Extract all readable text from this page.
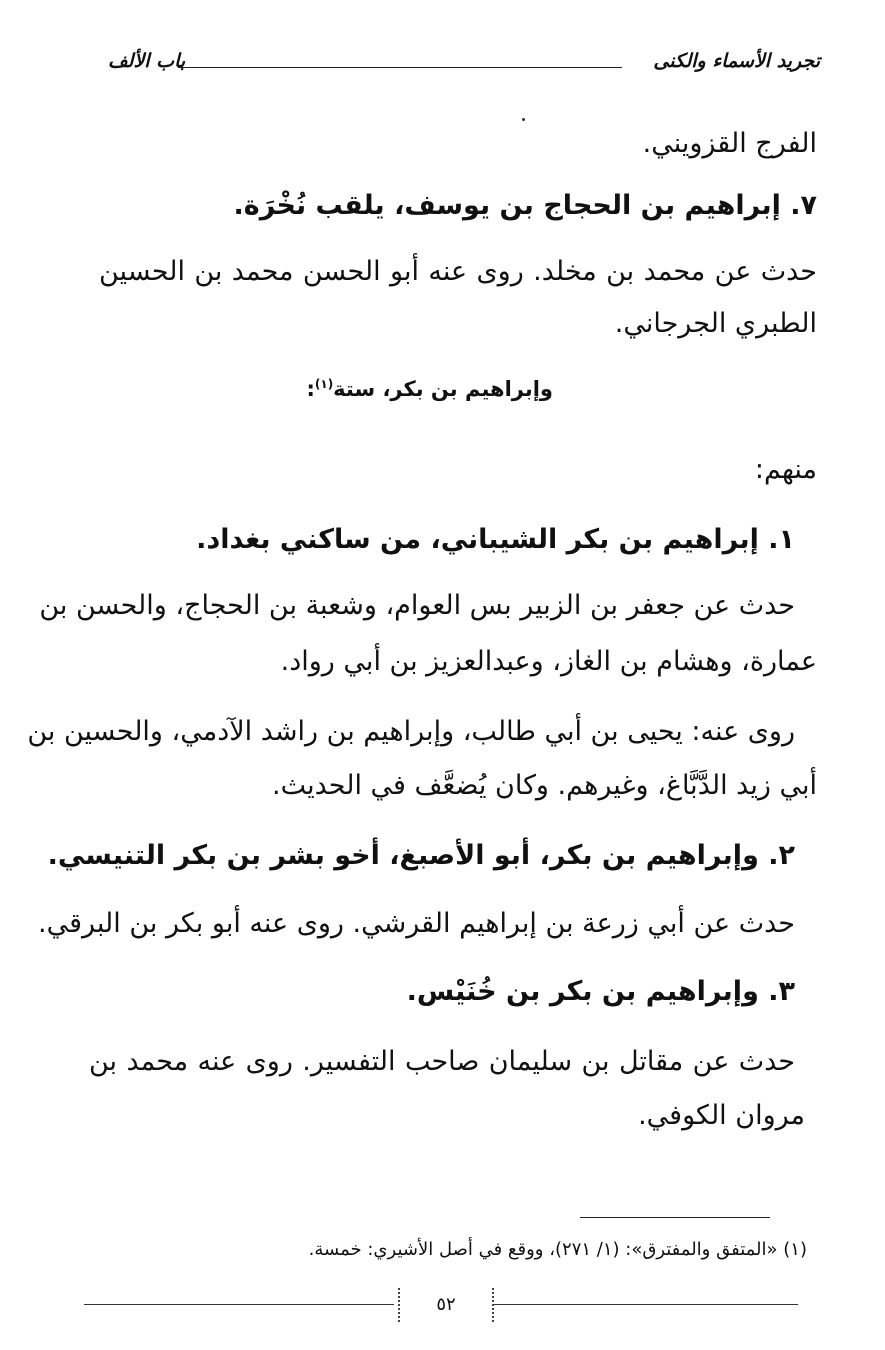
تجريد الأسماء والكنى
باب الألف
الفرج القزويني.
٧. إبراهيم بن الحجاج بن يوسف، يلقب نُخْرَة.
حدث عن محمد بن مخلد. روى عنه أبو الحسن محمد بن الحسين
الطبري الجرجاني.
وإبراهيم بن بكر، ستة$^{(١)}$:
منهم:
١. إبراهيم بن بكر الشيباني، من ساكني بغداد.
حدث عن جعفر بن الزبير بس العوام، وشعبة بن الحجاج، والحسن بن
عمارة، وهشام بن الغاز، وعبدالعزيز بن أبي رواد.
روى عنه: يحيى بن أبي طالب، وإبراهيم بن راشد الآدمي، والحسين بن
أبي زيد الدَّبَّاغ، وغيرهم. وكان يُضعَّف في الحديث.
٢. وإبراهيم بن بكر، أبو الأصبغ، أخو بشر بن بكر التنيسي.
حدث عن أبي زرعة بن إبراهيم القرشي. روى عنه أبو بكر بن البرقي.
٣. وإبراهيم بن بكر بن خُنَيْس.
حدث عن مقاتل بن سليمان صاحب التفسير. روى عنه محمد بن
مروان الكوفي.
(١) «المتفق والمفترق»: (١/ ٢٧١)، ووقع في أصل الأشيري: خمسة.
٥٢
